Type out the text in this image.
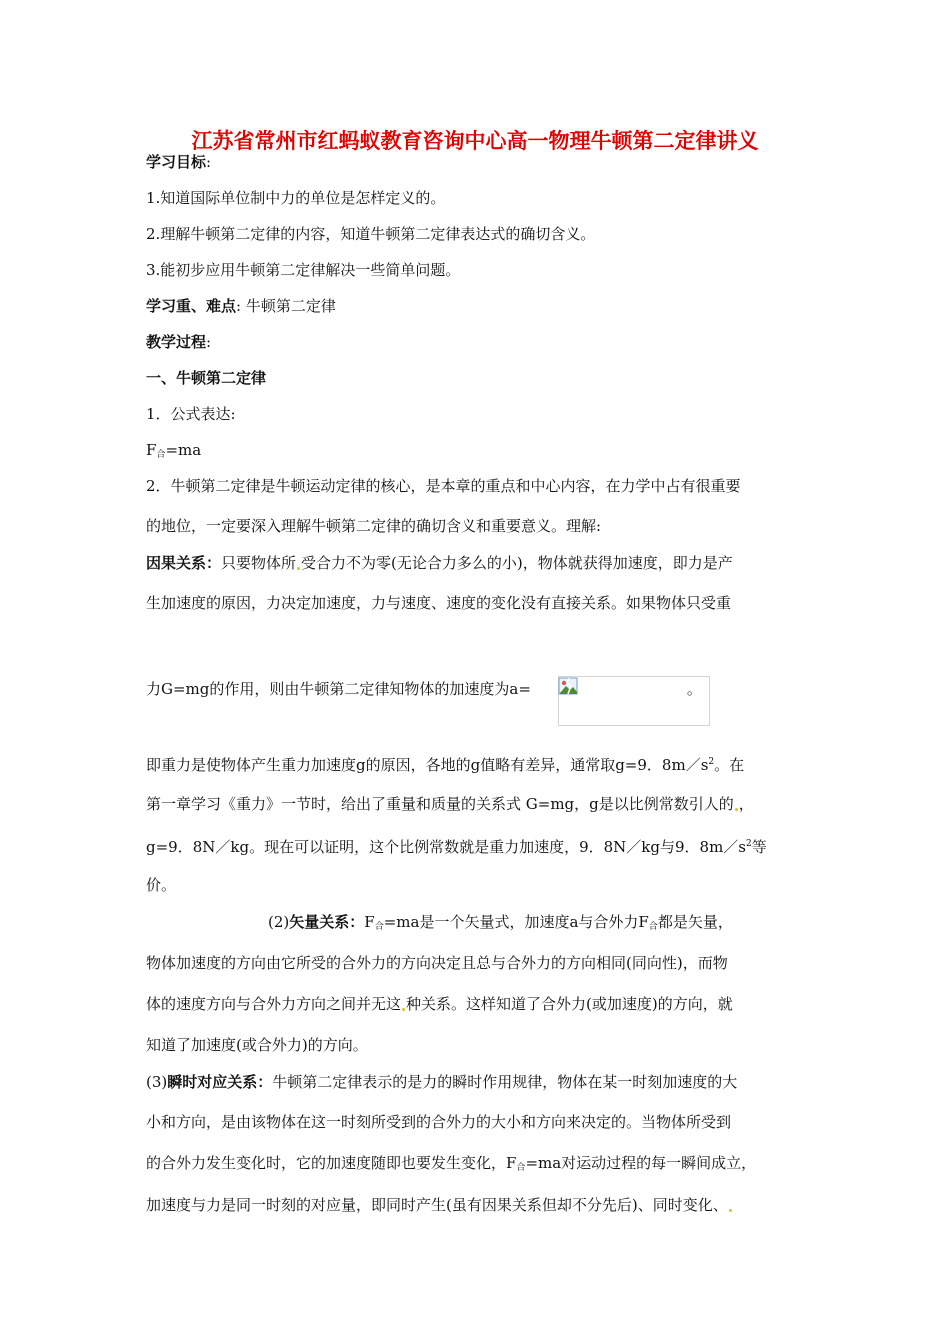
江苏省常州市红蚂蚁教育咨询中心高一物理牛顿第二定律讲义
学习目标:
1.知道国际单位制中力的单位是怎样定义的。
2.理解牛顿第二定律的内容，知道牛顿第二定律表达式的确切含义。
3.能初步应用牛顿第二定律解决一些简单问题。
学习重、难点: 牛顿第二定律
教学过程:
一、牛顿第二定律
1．公式表达:
$F_合=ma$
2．牛顿第二定律是牛顿运动定律的核心，是本章的重点和中心内容，在力学中占有很重要
的地位，一定要深入理解牛顿第二定律的确切含义和重要意义。理解:
因果关系：只要物体所 受合力不为零(无论合力多么的小)，物体就获得加速度，即力是产
生加速度的原因，力决定加速度，力与速度、速度的变化没有直接关系。如果物体只受重
力G=mg的作用，则由牛顿第二定律知物体的加速度为a=	。
即重力是使物体产生重力加速度g的原因，各地的g值略有差异，通常取g=9．$8m/s^2$。在
第一章学习《重力》一节时，给出了重量和质量的关系式 G=mg，g是以比例常数引人的 ，
g=9．8N／kg。现在可以证明，这个比例常数就是重力加速度，9．8N／kg与9．$8m/s^2$等
价。
(2)矢量关系：$F_合=ma$是一个矢量式，加速度a与合外力$F_合$都是矢量，
物体加速度的方向由它所受的合外力的方向决定且总与合外力的方向相同(同向性)，而物
体的速度方向与合外力方向之间并无这 种关系。这样知道了合外力(或加速度)的方向，就
知道了加速度(或合外力)的方向。
(3)瞬时对应关系：牛顿第二定律表示的是力的瞬时作用规律，物体在某一时刻加速度的大
小和方向，是由该物体在这一时刻所受到的合外力的大小和方向来决定的。当物体所受到
的合外力发生变化时，它的加速度随即也要发生变化，$F_合=ma$对运动过程的每一瞬间成立，
加速度与力是同一时刻的对应量，即同时产生(虽有因果关系但却不分先后)、同时变化、
